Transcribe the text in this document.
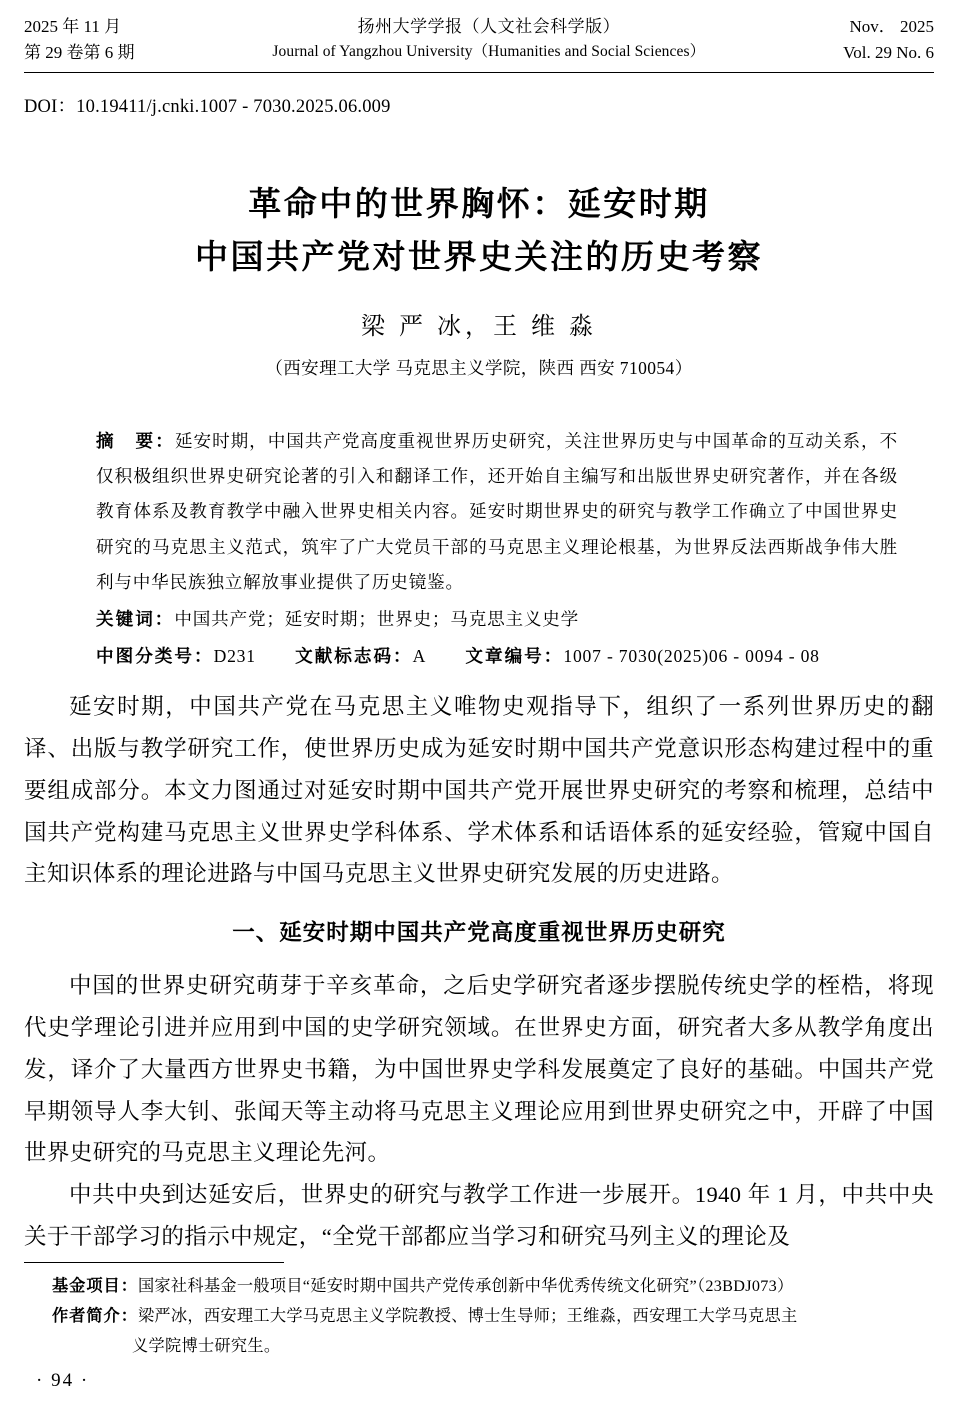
2025 年 11 月
第 29 卷第 6 期
扬州大学学报（人文社会科学版）
Journal of Yangzhou University（Humanities and Social Sciences）
Nov． 2025
Vol. 29 No. 6
DOI：10.19411/j.cnki.1007 - 7030.2025.06.009
革命中的世界胸怀：延安时期
中国共产党对世界史关注的历史考察
梁 严 冰，王 维 淼
（西安理工大学 马克思主义学院，陕西 西安 710054）
摘　要：延安时期，中国共产党高度重视世界历史研究，关注世界历史与中国革命的互动关系，不仅积极组织世界史研究论著的引入和翻译工作，还开始自主编写和出版世界史研究著作，并在各级教育体系及教育教学中融入世界史相关内容。延安时期世界史的研究与教学工作确立了中国世界史研究的马克思主义范式，筑牢了广大党员干部的马克思主义理论根基，为世界反法西斯战争伟大胜利与中华民族独立解放事业提供了历史镜鉴。
关键词：中国共产党；延安时期；世界史；马克思主义史学
中图分类号：D231 文献标志码：A 文章编号：1007 - 7030(2025)06 - 0094 - 08

延安时期，中国共产党在马克思主义唯物史观指导下，组织了一系列世界历史的翻译、出版与教学研究工作，使世界历史成为延安时期中国共产党意识形态构建过程中的重要组成部分。本文力图通过对延安时期中国共产党开展世界史研究的考察和梳理，总结中国共产党构建马克思主义世界史学科体系、学术体系和话语体系的延安经验，管窥中国自主知识体系的理论进路与中国马克思主义世界史研究发展的历史进路。

一、延安时期中国共产党高度重视世界历史研究

中国的世界史研究萌芽于辛亥革命，之后史学研究者逐步摆脱传统史学的桎梏，将现代史学理论引进并应用到中国的史学研究领域。在世界史方面，研究者大多从教学角度出发，译介了大量西方世界史书籍，为中国世界史学科发展奠定了良好的基础。中国共产党早期领导人李大钊、张闻天等主动将马克思主义理论应用到世界史研究之中，开辟了中国世界史研究的马克思主义理论先河。

中共中央到达延安后，世界史的研究与教学工作进一步展开。1940 年 1 月，中共中央关于干部学习的指示中规定，“全党干部都应当学习和研究马列主义的理论及

基金项目：国家社科基金一般项目“延安时期中国共产党传承创新中华优秀传统文化研究”（23BDJ073）
作者简介：梁严冰，西安理工大学马克思主义学院教授、博士生导师；王维淼，西安理工大学马克思主
义学院博士研究生。
· 94 ·
